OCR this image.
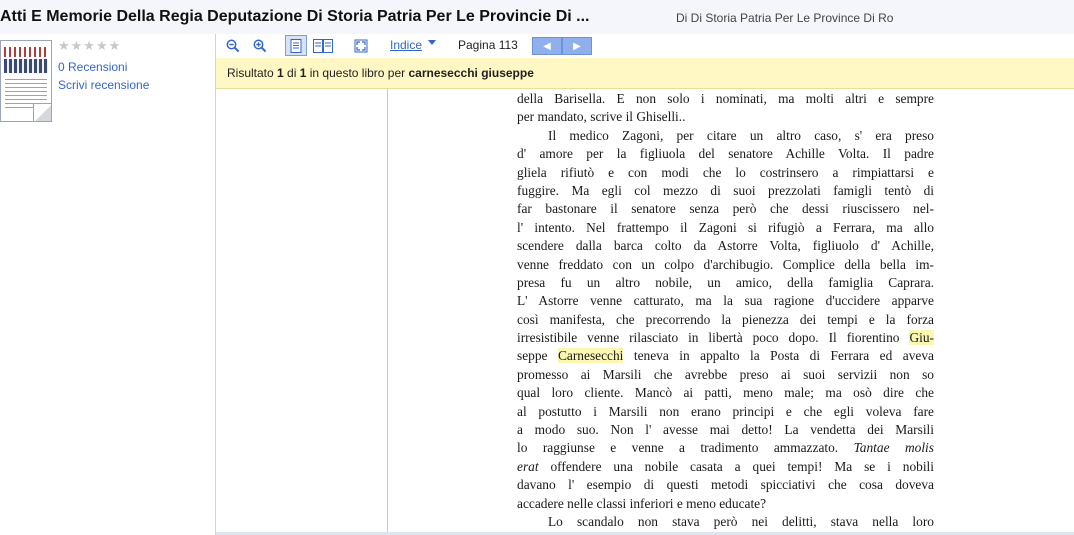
Atti E Memorie Della Regia Deputazione Di Storia Patria Per Le Provincie Di ...	Di Di Storia Patria Per Le Province Di Ro
★★★★★
0 Recensioni
Scrivi recensione
Indice	Pagina 113	◀ ▶
Risultato 1 di 1 in questo libro per carnesecchi giuseppe
della Barisella. E non solo i nominati, ma molti altri e sempre
per mandato, scrive il Ghiselli..
Il medico Zagoni, per citare un altro caso, s' era preso
d' amore per la figliuola del senatore Achille Volta. Il padre
gliela rifiutò e con modi che lo costrinsero a rimpiattarsi e
fuggire. Ma egli col mezzo di suoi prezzolati famigli tentò di
far bastonare il senatore senza però che dessi riuscissero nel-
l' intento. Nel frattempo il Zagoni si rifugiò a Ferrara, ma allo
scendere dalla barca colto da Astorre Volta, figliuolo d' Achille,
venne freddato con un colpo d'archibugio. Complice della bella im-
presa fu un altro nobile, un amico, della famiglia Caprara.
L' Astorre venne catturato, ma la sua ragione d'uccidere apparve
così manifesta, che precorrendo la pienezza dei tempi e la forza
irresistibile venne rilasciato in libertà poco dopo. Il fiorentino Giu-
seppe Carnesecchi teneva in appalto la Posta di Ferrara ed aveva
promesso ai Marsili che avrebbe preso ai suoi servizii non so
qual loro cliente. Mancò ai patti, meno male; ma osò dire che
al postutto i Marsili non erano principi e che egli voleva fare
a modo suo. Non l' avesse mai detto! La vendetta dei Marsili
lo raggiunse e venne a tradimento ammazzato. Tantae molis
erat offendere una nobile casata a quei tempi! Ma se i nobili
davano l' esempio di questi metodi spicciativi che cosa doveva
accadere nelle classi inferiori e meno educate?
Lo scandalo non stava però nei delitti, stava nella loro
